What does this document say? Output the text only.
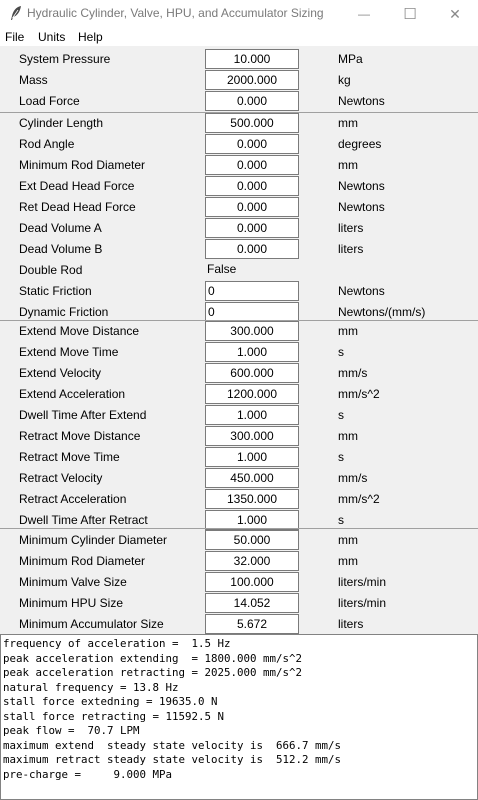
Hydraulic Cylinder, Valve, HPU, and Accumulator Sizing	— ☐ ✕
File Units Help
System Pressure	10.000	MPa
Mass	2000.000	kg
Load Force	0.000	Newtons
Cylinder Length	500.000	mm
Rod Angle	0.000	degrees
Minimum Rod Diameter	0.000	mm
Ext Dead Head Force	0.000	Newtons
Ret Dead Head Force	0.000	Newtons
Dead Volume A	0.000	liters
Dead Volume B	0.000	liters
Double Rod	False
Static Friction	0	Newtons
Dynamic Friction	0	Newtons/(mm/s)
Extend Move Distance	300.000	mm
Extend Move Time	1.000	s
Extend Velocity	600.000	mm/s
Extend Acceleration	1200.000	mm/s^2
Dwell Time After Extend	1.000	s
Retract Move Distance	300.000	mm
Retract Move Time	1.000	s
Retract Velocity	450.000	mm/s
Retract Acceleration	1350.000	mm/s^2
Dwell Time After Retract	1.000	s
Minimum Cylinder Diameter	50.000	mm
Minimum Rod Diameter	32.000	mm
Minimum Valve Size	100.000	liters/min
Minimum HPU Size	14.052	liters/min
Minimum Accumulator Size	5.672	liters
frequency of acceleration =  1.5 Hz
peak acceleration extending  = 1800.000 mm/s^2
peak acceleration retracting = 2025.000 mm/s^2
natural frequency = 13.8 Hz
stall force extedning = 19635.0 N
stall force retracting = 11592.5 N
peak flow =  70.7 LPM
maximum extend  steady state velocity is  666.7 mm/s
maximum retract steady state velocity is  512.2 mm/s
pre-charge =     9.000 MPa
